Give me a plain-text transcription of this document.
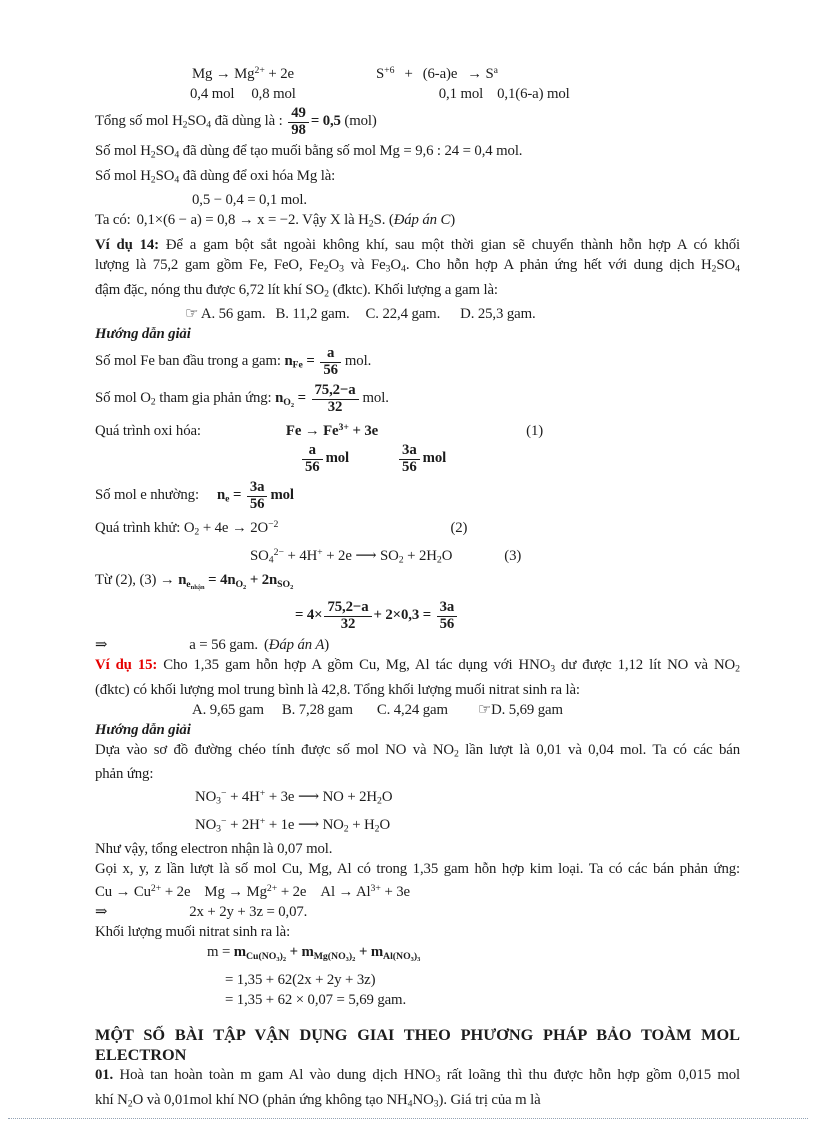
$Mg \to Mg^{2+} + 2e$	$S^{+6} + (6-a)e \to S^a$
0,4 mol 0,8 mol	0,1 mol 0,1(6-a) mol
Tổng số mol $H_2SO_4$ đã dùng là : $\frac{49}{98} = 0,5$ (mol)
Số mol $H_2SO_4$ đã dùng để tạo muối bằng số mol Mg = 9,6 : 24 = 0,4 mol.
Số mol $H_2SO_4$ đã dùng để oxi hóa Mg là:
0,5 − 0,4 = 0,1 mol.
Ta có: 0,1×(6 − a) = 0,8 → x = −2. Vậy X là $H_2S$. (Đáp án C)
Ví dụ 14: Để a gam bột sắt ngoài không khí, sau một thời gian sẽ chuyển thành hỗn hợp A có khối
lượng là 75,2 gam gồm Fe, FeO, $Fe_2O_3$ và $Fe_3O_4$. Cho hỗn hợp A phản ứng hết với dung dịch $H_2SO_4$
đậm đặc, nóng thu được 6,72 lít khí $SO_2$ (đktc). Khối lượng a gam là:
☞ A. 56 gam. B. 11,2 gam. C. 22,4 gam. D. 25,3 gam.
Hướng dẫn giải
Số mol Fe ban đầu trong a gam: $n_{Fe} = \frac{a}{56}$ mol.
Số mol $O_2$ tham gia phản ứng: $n_{O_2} = \frac{75,2-a}{32}$ mol.
Quá trình oxi hóa:	$Fe \to Fe^{3+} + 3e$	(1)
$\frac{a}{56}$ mol	$\frac{3a}{56}$ mol
Số mol e nhường: $n_e = \frac{3a}{56}$ mol
Quá trình khử: $O_2 + 4e \to 2O^{-2}$	(2)
$SO_4^{2-} + 4H^+ + 2e$ ⟶ $SO_2 + 2H_2O$	(3)
Từ (2), $(3) \to n_{e_{nhận}} = 4n_{O_2} + 2n_{SO_2}$
= $4\times \frac{75,2-a}{32} + 2\times 0,3 = \frac{3a}{56}$
⇒	a = 56 gam. (Đáp án A)
Ví dụ 15: Cho 1,35 gam hỗn hợp A gồm Cu, Mg, Al tác dụng với $HNO_3$ dư được 1,12 lít NO và $NO_2$
(đktc) có khối lượng mol trung bình là 42,8. Tổng khối lượng muối nitrat sinh ra là:
A. 9,65 gam B. 7,28 gam C. 4,24 gam ☞D. 5,69 gam
Hướng dẫn giải
Dựa vào sơ đồ đường chéo tính được số mol NO và $NO_2$ lần lượt là 0,01 và 0,04 mol. Ta có các bán
phản ứng:
$NO_3^- + 4H^+ + 3e$ ⟶ NO + $2H_2O$
$NO_3^- + 2H^+ + 1e$ ⟶ $NO_2 + H_2O$
Như vậy, tổng electron nhận là 0,07 mol.
Gọi x, y, z lần lượt là số mol Cu, Mg, Al có trong 1,35 gam hỗn hợp kim loại. Ta có các bán phản ứng:
$Cu \to Cu^{2+} + 2e$ $Mg \to Mg^{2+} + 2e$ $Al \to Al^{3+} + 3e$
⇒	2x + 2y + 3z = 0,07.
Khối lượng muối nitrat sinh ra là:
$m = m_{Cu(NO_3)_2} + m_{Mg(NO_3)_2} + m_{Al(NO_3)_3}$
= 1,35 + 62(2x + 2y + 3z)
= 1,35 + 62 × 0,07 = 5,69 gam.
MỘT SỐ BÀI TẬP VẬN DỤNG GIAI THEO PHƯƠNG PHÁP BẢO TOÀM MOL ELECTRON
01. Hoà tan hoàn toàn m gam Al vào dung dịch $HNO_3$ rất loãng thì thu được hỗn hợp gồm 0,015 mol
khí $N_2O$ và 0,01mol khí NO (phản ứng không tạo $NH_4NO_3$). Giá trị của m là
